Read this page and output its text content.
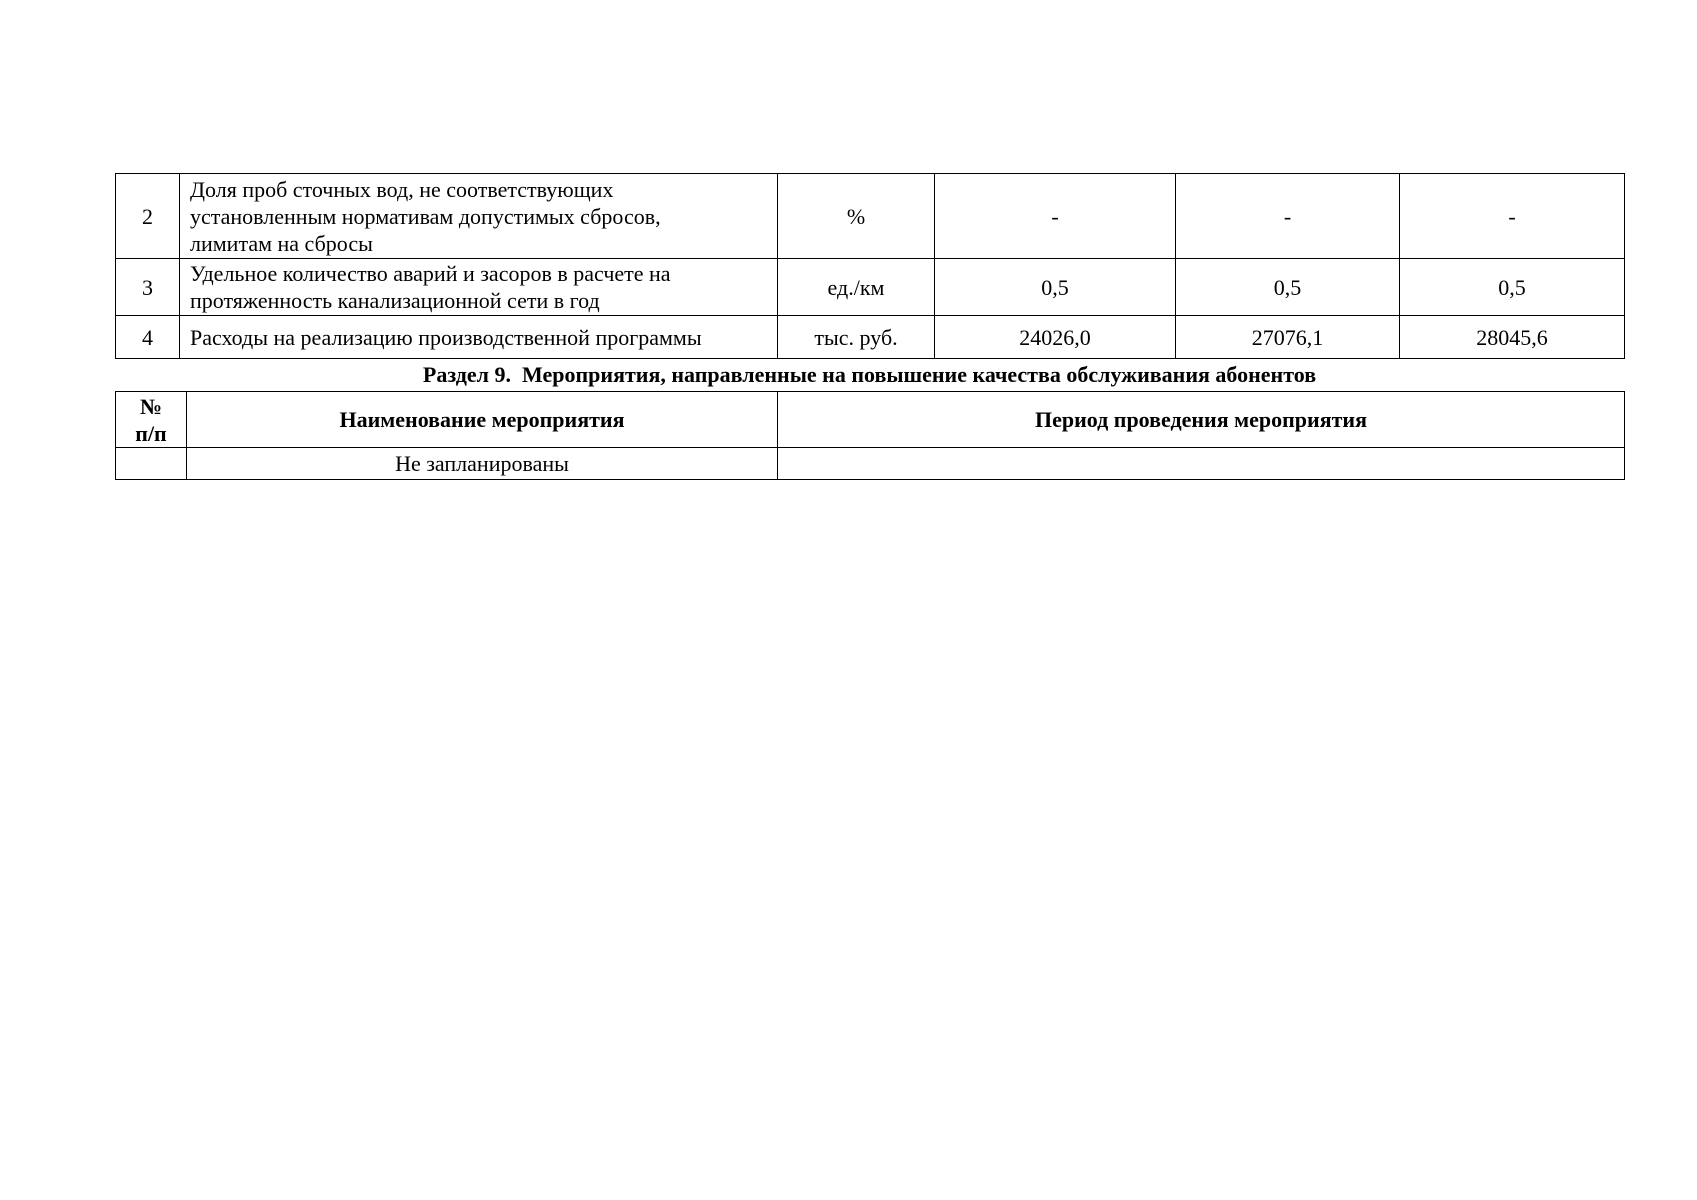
2	Доля проб сточных вод, не соответствующих
установленным нормативам допустимых сбросов,
лимитам на сбросы	%	-	-	-
3	Удельное количество аварий и засоров в расчете на
протяженность канализационной сети в год	ед./км	0,5	0,5	0,5
4	Расходы на реализацию производственной программы	тыс. руб.	24026,0	27076,1	28045,6
Раздел 9.  Мероприятия, направленные на повышение качества обслуживания абонентов
№
п/п	Наименование мероприятия	Период проведения мероприятия
	Не запланированы	
